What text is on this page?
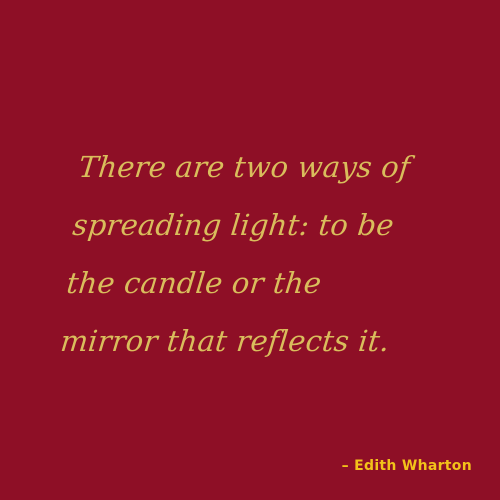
There are two ways of spreading light: to be the candle or the mirror that reflects it.

– Edith Wharton
